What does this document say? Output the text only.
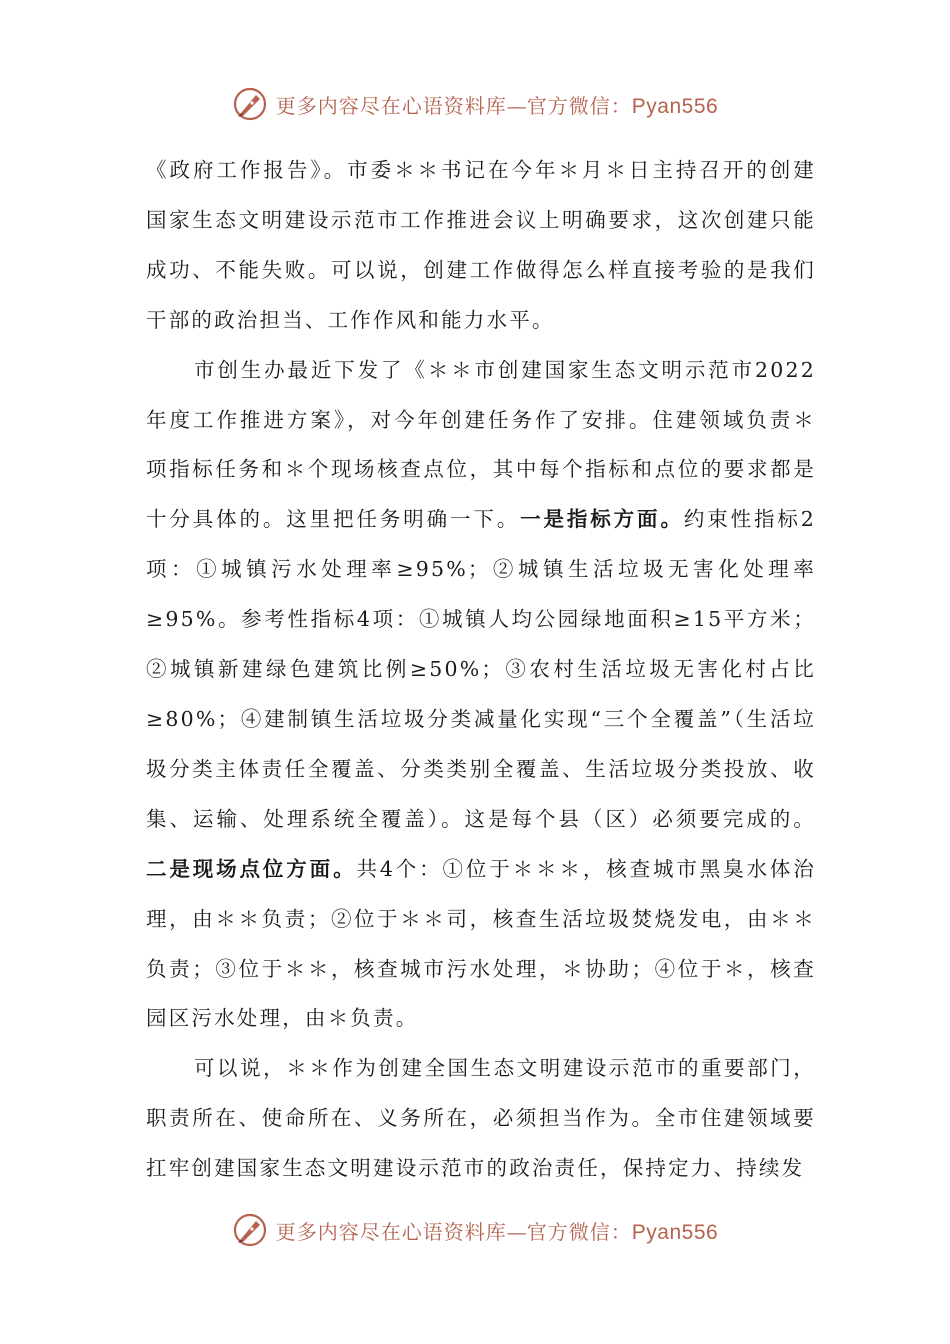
更多内容尽在心语资料库—官方微信：Pyan556

《政府工作报告》。市委＊＊书记在今年＊月＊日主持召开的创建国家生态文明建设示范市工作推进会议上明确要求，这次创建只能成功、不能失败。可以说，创建工作做得怎么样直接考验的是我们干部的政治担当、工作作风和能力水平。

市创生办最近下发了《＊＊市创建国家生态文明示范市2022年度工作推进方案》，对今年创建任务作了安排。住建领域负责＊项指标任务和＊个现场核查点位，其中每个指标和点位的要求都是十分具体的。这里把任务明确一下。一是指标方面。约束性指标2项：①城镇污水处理率≥95%；②城镇生活垃圾无害化处理率≥95%。参考性指标4项：①城镇人均公园绿地面积≥15平方米；②城镇新建绿色建筑比例≥50%；③农村生活垃圾无害化村占比≥80%；④建制镇生活垃圾分类减量化实现“三个全覆盖”（生活垃圾分类主体责任全覆盖、分类类别全覆盖、生活垃圾分类投放、收集、运输、处理系统全覆盖）。这是每个县（区）必须要完成的。二是现场点位方面。共4个：①位于＊＊＊，核查城市黑臭水体治理，由＊＊负责；②位于＊＊司，核查生活垃圾焚烧发电，由＊＊负责；③位于＊＊，核查城市污水处理，＊协助；④位于＊，核查园区污水处理，由＊负责。

可以说，＊＊作为创建全国生态文明建设示范市的重要部门，职责所在、使命所在、义务所在，必须担当作为。全市住建领域要扛牢创建国家生态文明建设示范市的政治责任，保持定力、持续发

更多内容尽在心语资料库—官方微信：Pyan556
